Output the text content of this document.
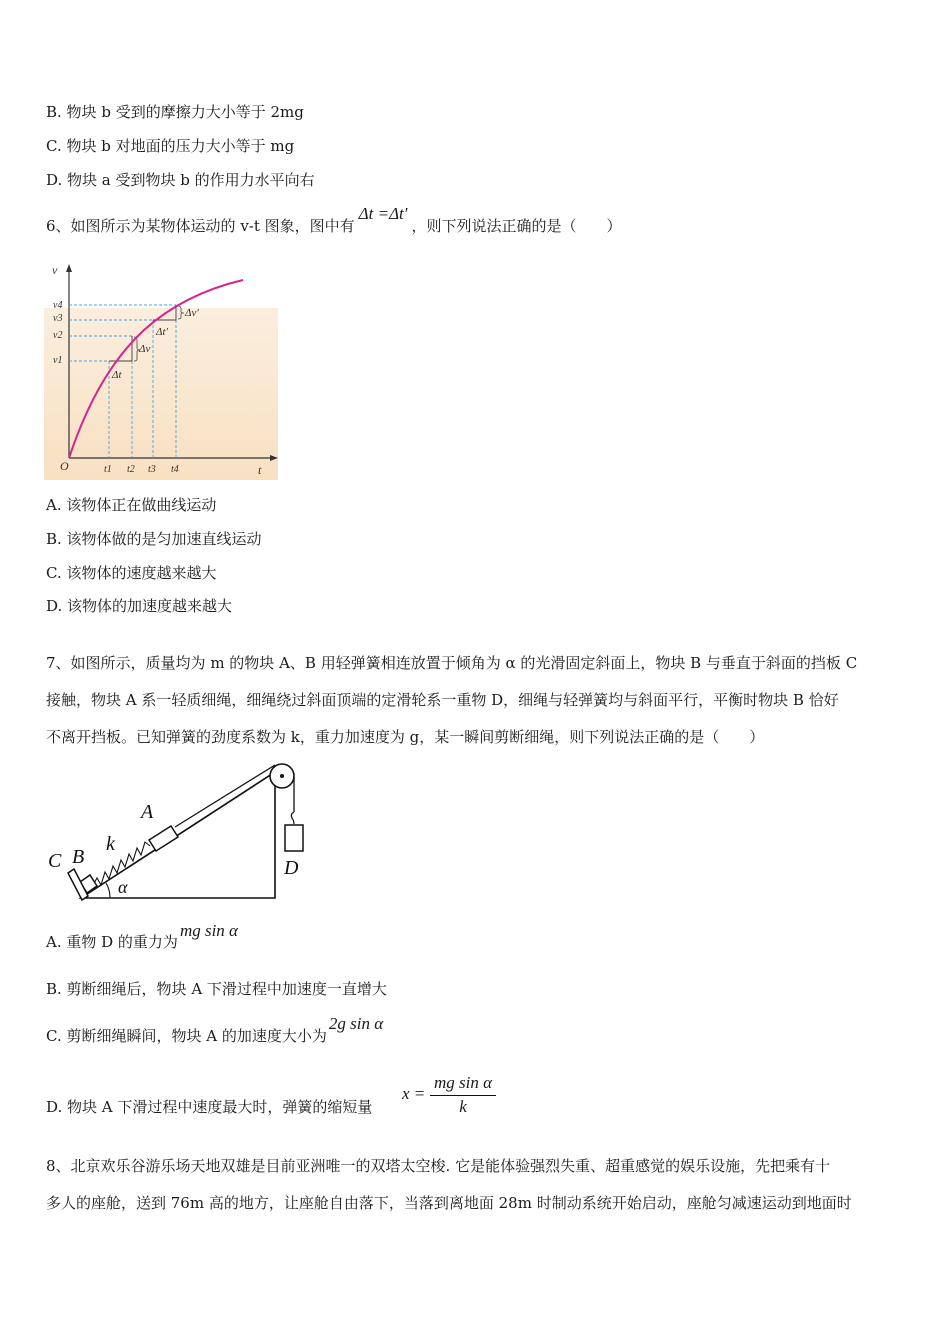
B. 物块 b 受到的摩擦力大小等于 2mg
C. 物块 b 对地面的压力大小等于 mg
D. 物块 a 受到物块 b 的作用力水平向右
6、如图所示为某物体运动的 v-t 图象，图中有Δt =Δt′，则下列说法正确的是（　　）
v
t
O
v4
v3
v2
v1
t1 t2 t3 t4
Δv
Δt
Δv′
Δt′
A. 该物体正在做曲线运动
B. 该物体做的是匀加速直线运动
C. 该物体的速度越来越大
D. 该物体的加速度越来越大
7、如图所示，质量均为 m 的物块 A、B 用轻弹簧相连放置于倾角为 α 的光滑固定斜面上，物块 B 与垂直于斜面的挡板 C
接触，物块 A 系一轻质细绳，细绳绕过斜面顶端的定滑轮系一重物 D，细绳与轻弹簧均与斜面平行，平衡时物块 B 恰好
不离开挡板。已知弹簧的劲度系数为 k，重力加速度为 g，某一瞬间剪断细绳，则下列说法正确的是（　　）
C B
k
A
D
α
A. 重物 D 的重力为mg sin α
B. 剪断细绳后，物块 A 下滑过程中加速度一直增大
C. 剪断细绳瞬间，物块 A 的加速度大小为2g sin α
D. 物块 A 下滑过程中速度最大时，弹簧的缩短量
x =
mg sin α
k
8、北京欢乐谷游乐场天地双雄是目前亚洲唯一的双塔太空梭. 它是能体验强烈失重、超重感觉的娱乐设施，先把乘有十
多人的座舱，送到 76m 高的地方，让座舱自由落下，当落到离地面 28m 时制动系统开始启动，座舱匀减速运动到地面时
